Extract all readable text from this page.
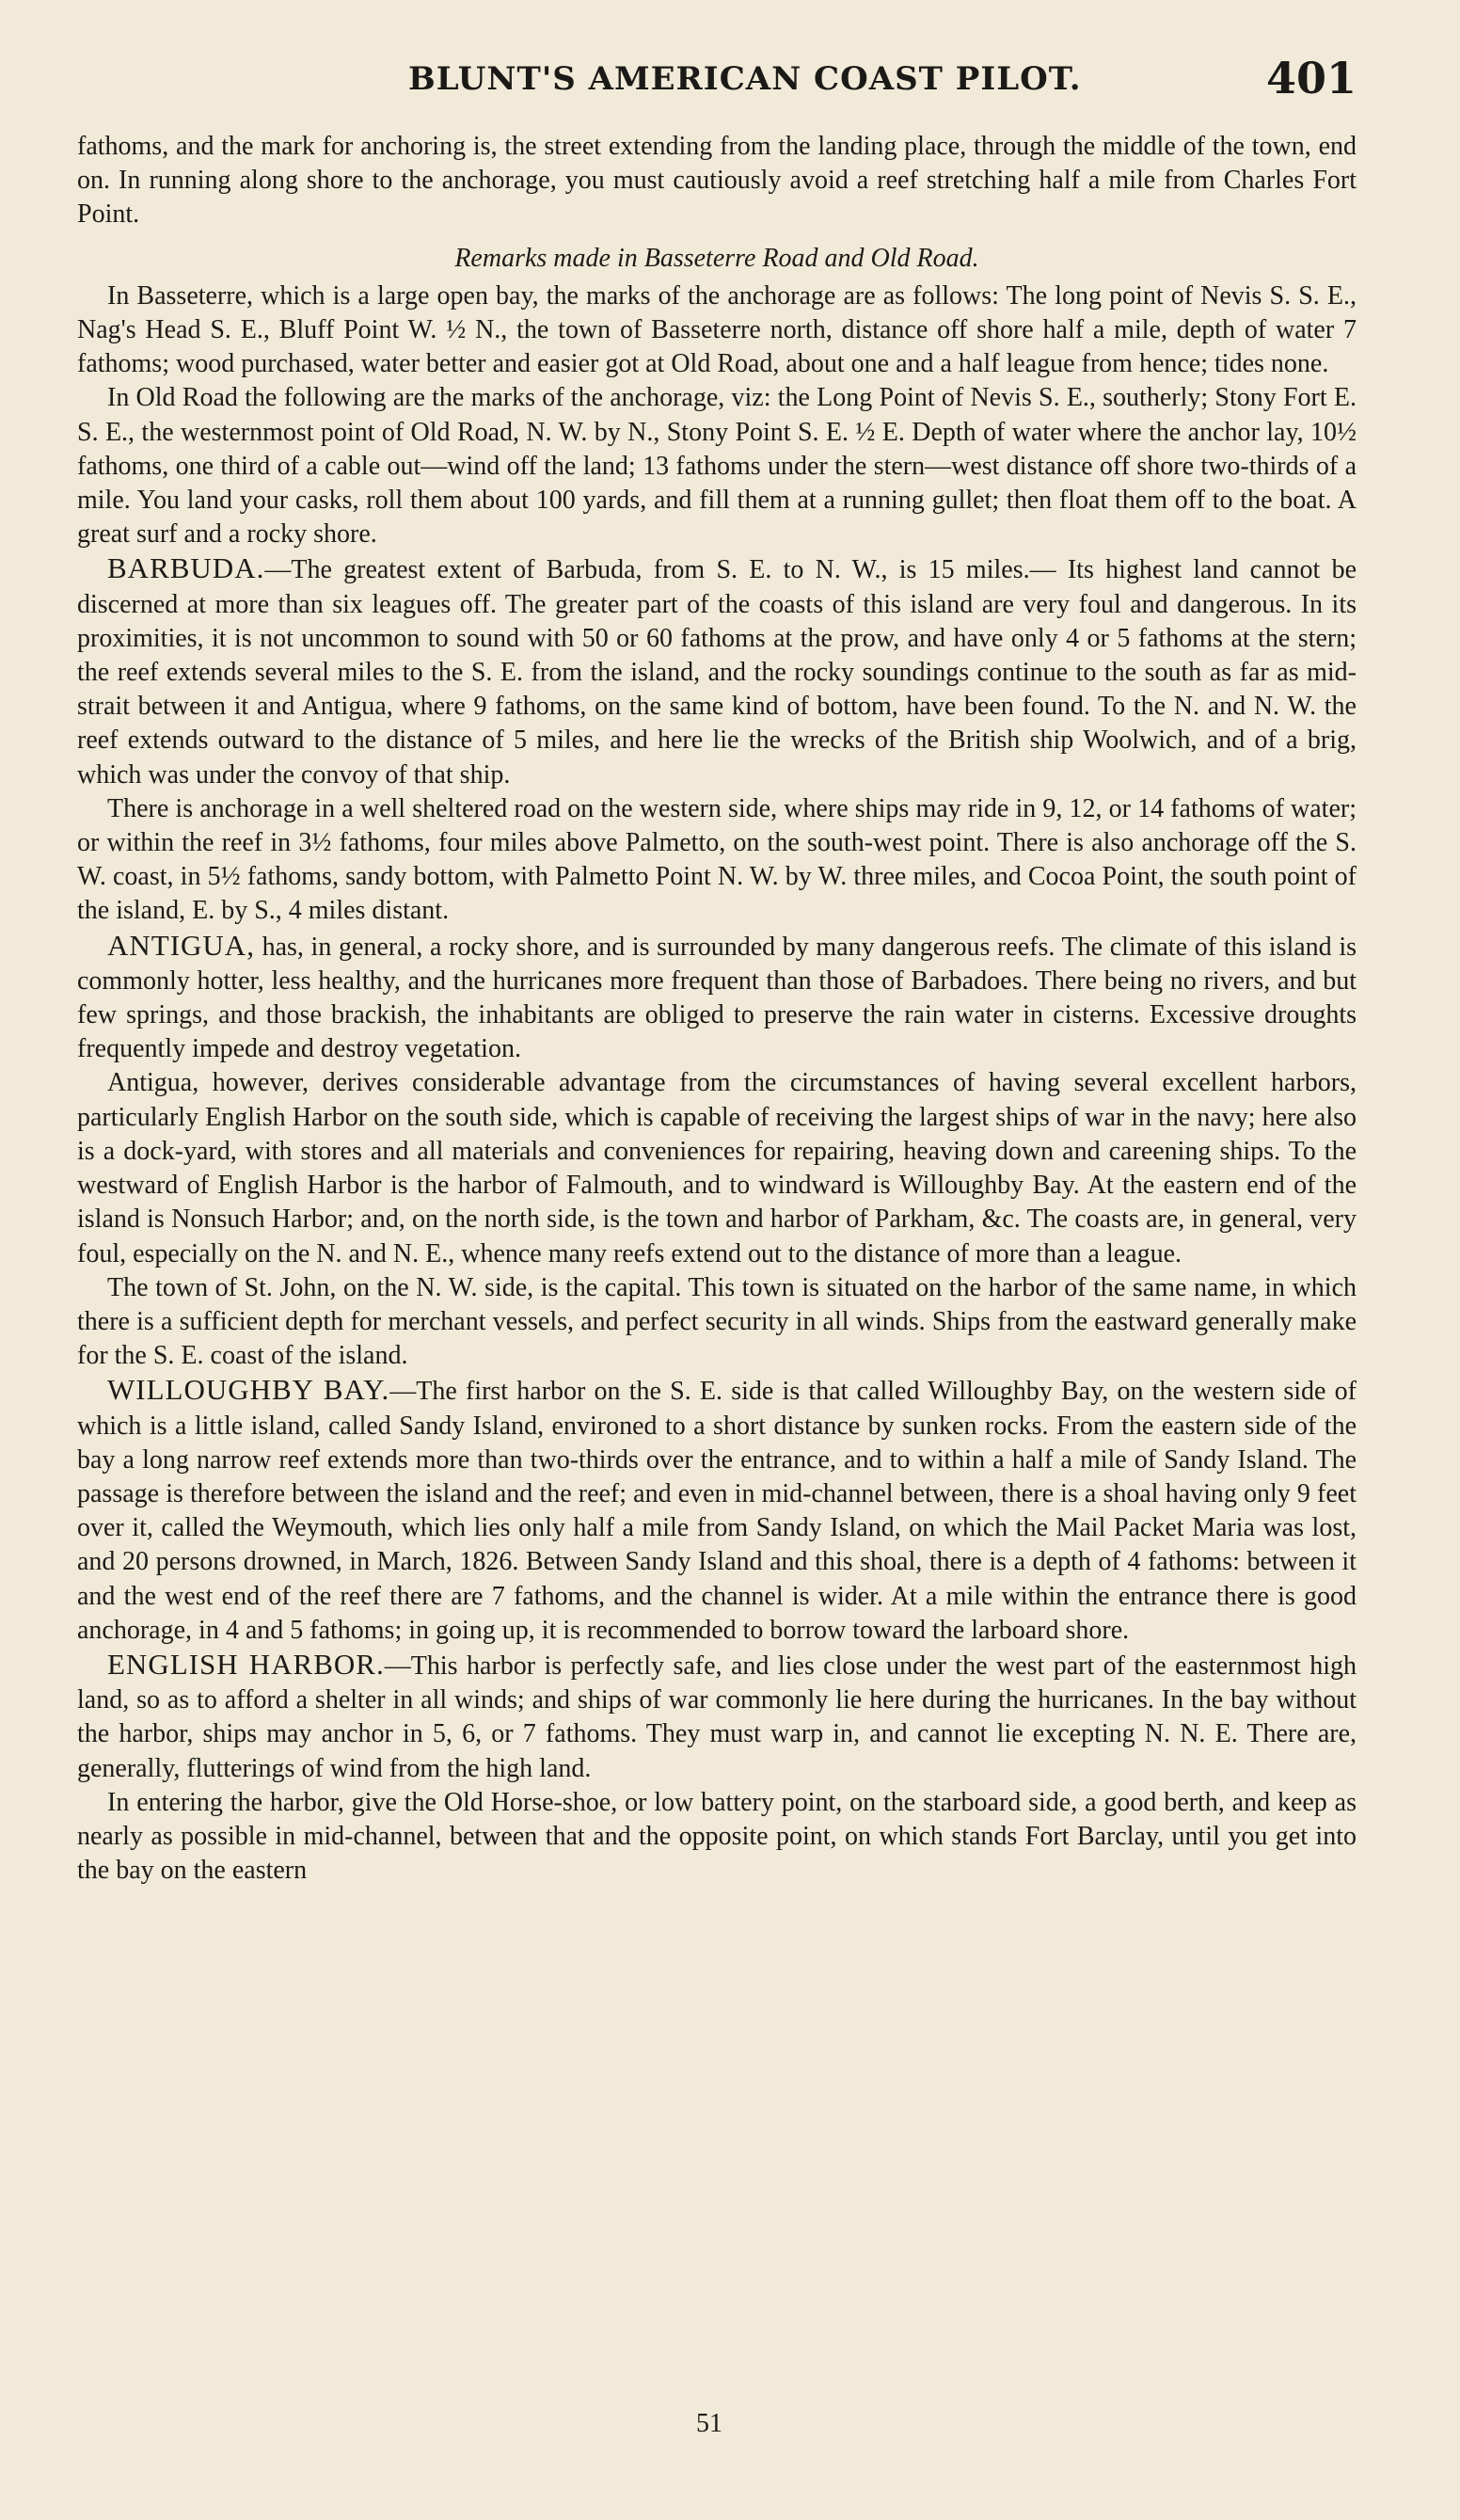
BLUNT'S AMERICAN COAST PILOT.	401

fathoms, and the mark for anchoring is, the street extending from the landing place, through the middle of the town, end on. In running along shore to the anchorage, you must cautiously avoid a reef stretching half a mile from Charles Fort Point.

Remarks made in Basseterre Road and Old Road.

In Basseterre, which is a large open bay, the marks of the anchorage are as follows: The long point of Nevis S. S. E., Nag's Head S. E., Bluff Point W. ½ N., the town of Basseterre north, distance off shore half a mile, depth of water 7 fathoms; wood purchased, water better and easier got at Old Road, about one and a half league from hence; tides none.

In Old Road the following are the marks of the anchorage, viz: the Long Point of Nevis S. E., southerly; Stony Fort E. S. E., the westernmost point of Old Road, N. W. by N., Stony Point S. E. ½ E. Depth of water where the anchor lay, 10½ fathoms, one third of a cable out—wind off the land; 13 fathoms under the stern—west distance off shore two-thirds of a mile. You land your casks, roll them about 100 yards, and fill them at a running gullet; then float them off to the boat. A great surf and a rocky shore.

BARBUDA.—The greatest extent of Barbuda, from S. E. to N. W., is 15 miles.— Its highest land cannot be discerned at more than six leagues off. The greater part of the coasts of this island are very foul and dangerous. In its proximities, it is not uncommon to sound with 50 or 60 fathoms at the prow, and have only 4 or 5 fathoms at the stern; the reef extends several miles to the S. E. from the island, and the rocky soundings continue to the south as far as mid-strait between it and Antigua, where 9 fathoms, on the same kind of bottom, have been found. To the N. and N. W. the reef extends outward to the distance of 5 miles, and here lie the wrecks of the British ship Woolwich, and of a brig, which was under the convoy of that ship.

There is anchorage in a well sheltered road on the western side, where ships may ride in 9, 12, or 14 fathoms of water; or within the reef in 3½ fathoms, four miles above Palmetto, on the south-west point. There is also anchorage off the S. W. coast, in 5½ fathoms, sandy bottom, with Palmetto Point N. W. by W. three miles, and Cocoa Point, the south point of the island, E. by S., 4 miles distant.

ANTIGUA, has, in general, a rocky shore, and is surrounded by many dangerous reefs. The climate of this island is commonly hotter, less healthy, and the hurricanes more frequent than those of Barbadoes. There being no rivers, and but few springs, and those brackish, the inhabitants are obliged to preserve the rain water in cisterns. Excessive droughts frequently impede and destroy vegetation.

Antigua, however, derives considerable advantage from the circumstances of having several excellent harbors, particularly English Harbor on the south side, which is capable of receiving the largest ships of war in the navy; here also is a dock-yard, with stores and all materials and conveniences for repairing, heaving down and careening ships. To the westward of English Harbor is the harbor of Falmouth, and to windward is Willoughby Bay. At the eastern end of the island is Nonsuch Harbor; and, on the north side, is the town and harbor of Parkham, &c. The coasts are, in general, very foul, especially on the N. and N. E., whence many reefs extend out to the distance of more than a league.

The town of St. John, on the N. W. side, is the capital. This town is situated on the harbor of the same name, in which there is a sufficient depth for merchant vessels, and perfect security in all winds. Ships from the eastward generally make for the S. E. coast of the island.

WILLOUGHBY BAY.—The first harbor on the S. E. side is that called Willoughby Bay, on the western side of which is a little island, called Sandy Island, environed to a short distance by sunken rocks. From the eastern side of the bay a long narrow reef extends more than two-thirds over the entrance, and to within a half a mile of Sandy Island. The passage is therefore between the island and the reef; and even in mid-channel between, there is a shoal having only 9 feet over it, called the Weymouth, which lies only half a mile from Sandy Island, on which the Mail Packet Maria was lost, and 20 persons drowned, in March, 1826. Between Sandy Island and this shoal, there is a depth of 4 fathoms: between it and the west end of the reef there are 7 fathoms, and the channel is wider. At a mile within the entrance there is good anchorage, in 4 and 5 fathoms; in going up, it is recommended to borrow toward the larboard shore.

ENGLISH HARBOR.—This harbor is perfectly safe, and lies close under the west part of the easternmost high land, so as to afford a shelter in all winds; and ships of war commonly lie here during the hurricanes. In the bay without the harbor, ships may anchor in 5, 6, or 7 fathoms. They must warp in, and cannot lie excepting N. N. E. There are, generally, flutterings of wind from the high land.

In entering the harbor, give the Old Horse-shoe, or low battery point, on the starboard side, a good berth, and keep as nearly as possible in mid-channel, between that and the opposite point, on which stands Fort Barclay, until you get into the bay on the eastern

51
